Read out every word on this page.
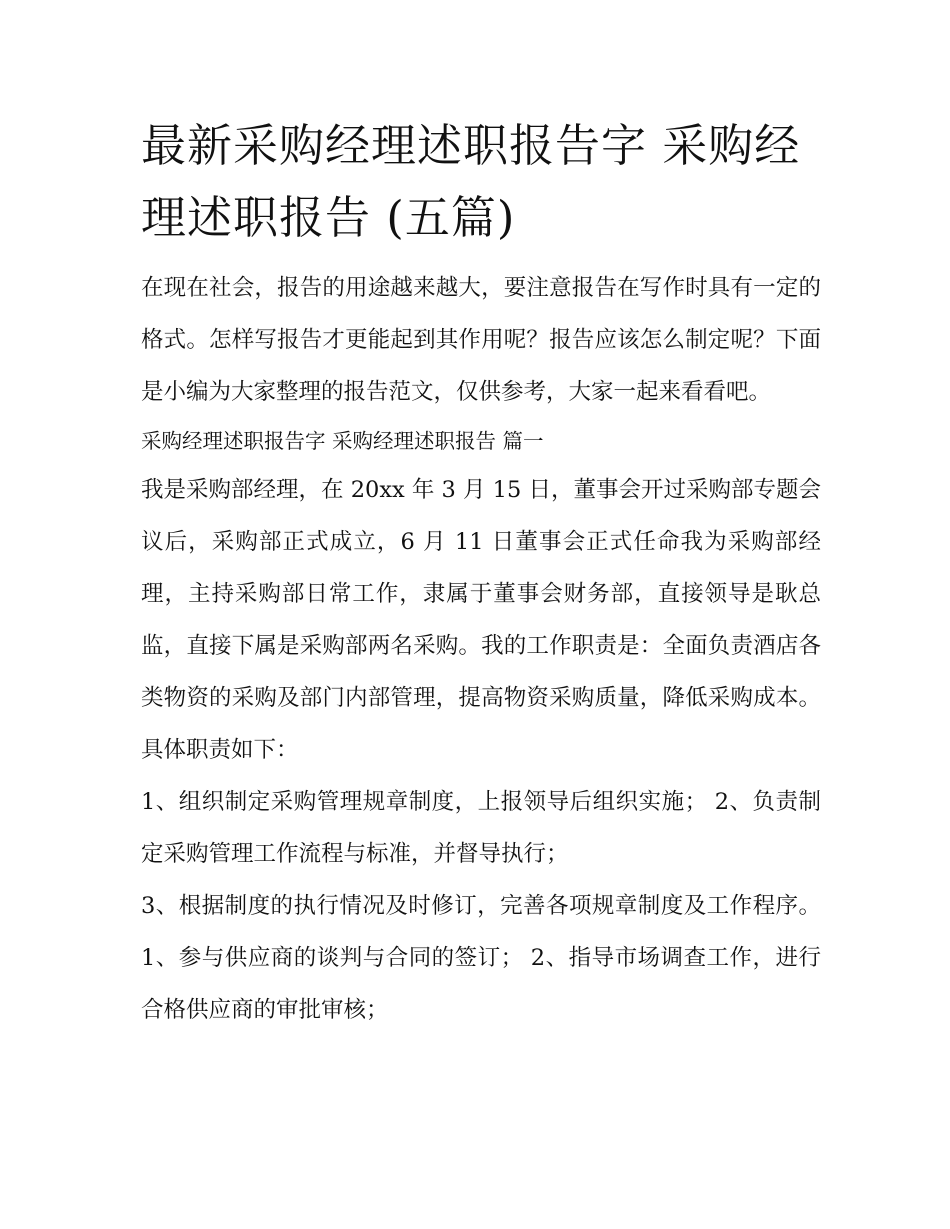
最新采购经理述职报告字 采购经理述职报告 (五篇)

在现在社会，报告的用途越来越大，要注意报告在写作时具有一定的格式。怎样写报告才更能起到其作用呢？报告应该怎么制定呢？下面是小编为大家整理的报告范文，仅供参考，大家一起来看看吧。

采购经理述职报告字 采购经理述职报告 篇一

我是采购部经理，在 20xx 年 3 月 15 日，董事会开过采购部专题会议后，采购部正式成立，6 月 11 日董事会正式任命我为采购部经理，主持采购部日常工作，隶属于董事会财务部，直接领导是耿总监，直接下属是采购部两名采购。我的工作职责是：全面负责酒店各类物资的采购及部门内部管理，提高物资采购质量，降低采购成本。具体职责如下：

1、组织制定采购管理规章制度，上报领导后组织实施； 2、负责制定采购管理工作流程与标准，并督导执行；

3、根据制度的执行情况及时修订，完善各项规章制度及工作程序。 1、参与供应商的谈判与合同的签订； 2、指导市场调查工作，进行合格供应商的审批审核；
